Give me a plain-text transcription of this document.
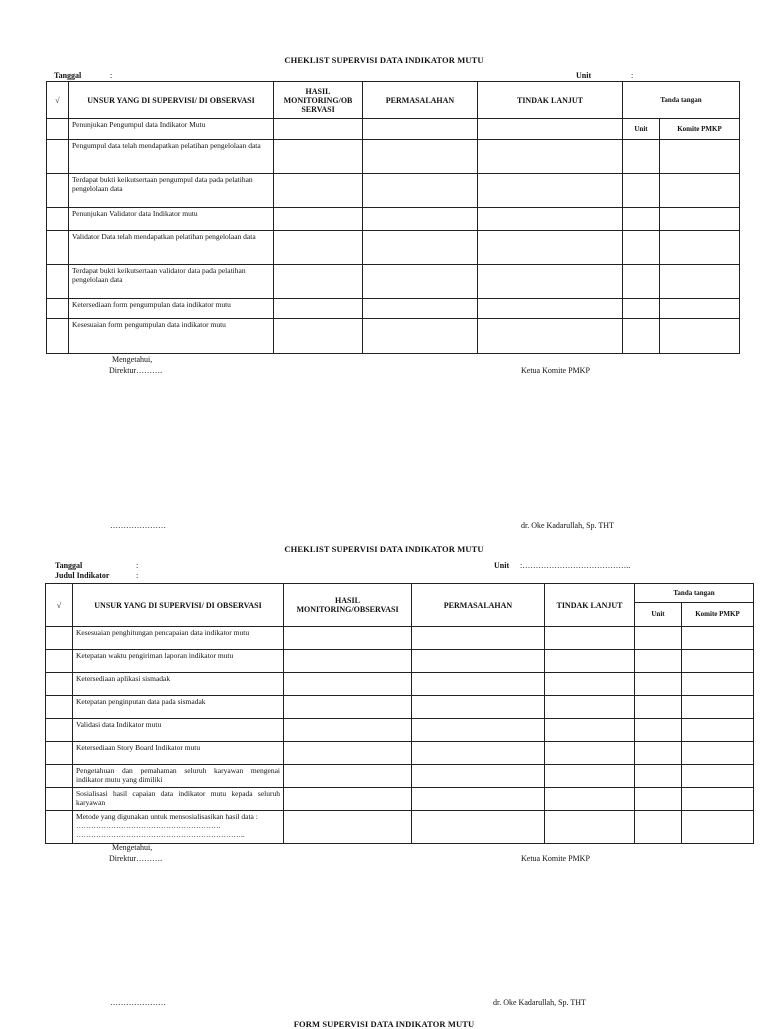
CHEKLIST SUPERVISI DATA INDIKATOR MUTU
Tanggal	:	Unit	:
√	UNSUR YANG DI SUPERVISI/ DI OBSERVASI	HASIL MONITORING/OB SERVASI	PERMASALAHAN	TINDAK LANJUT	Tanda tangan	

	Penunjukan Pengumpul data Indikator Mutu				Unit	Komite PMKP
	Pengumpul data telah mendapatkan pelatihan pengelolaan data					
	Terdapat bukti keikutsertaan pengumpul data pada pelatihan pengelolaan data					
	Penunjukan Validator data Indikator mutu					
	Validator Data telah mendapatkan pelatihan pengelolaan data					
	Terdapat bukti keikutsertaan validator data pada pelatihan pengelolaan data					
	Ketersediaan form pengumpulan data indikator mutu					
	Kesesuaian form pengumpulan data indikator mutu					
Mengetahui,
Direktur……….	Ketua Komite PMKP
…………………	dr. Oke Kadarullah, Sp. THT
CHEKLIST SUPERVISI DATA INDIKATOR MUTU
Tanggal	:
Judul Indikator	:
Unit :…………………………………..
√	UNSUR YANG DI SUPERVISI/ DI OBSERVASI	HASIL MONITORING/OBSERVASI	PERMASALAHAN	TINDAK LANJUT	Tanda tangan	
					Unit	Komite PMKP
	Kesesuaian penghitungan pencapaian data indikator mutu					
	Ketepatan waktu pengiriman laporan indikator mutu					
	Ketersediaan aplikasi sismadak					
	Ketepatan penginputan data pada sismadak					
	Validasi data Indikator mutu					
	Ketersediaan Story Board Indikator mutu					
	Pengetahuan dan pemahaman seluruh karyawan mengenai indikator mutu yang dimiliki					
	Sosialisasi hasil capaian data indikator mutu kepada seluruh karyawan					
	Metode yang digunakan untuk mensosialisasikan hasil data : …………………………………………………. …………………………………………………………..					
Mengetahui,
Direktur……….	Ketua Komite PMKP
…………………	dr. Oke Kadarullah, Sp. THT
FORM SUPERVISI DATA INDIKATOR MUTU
